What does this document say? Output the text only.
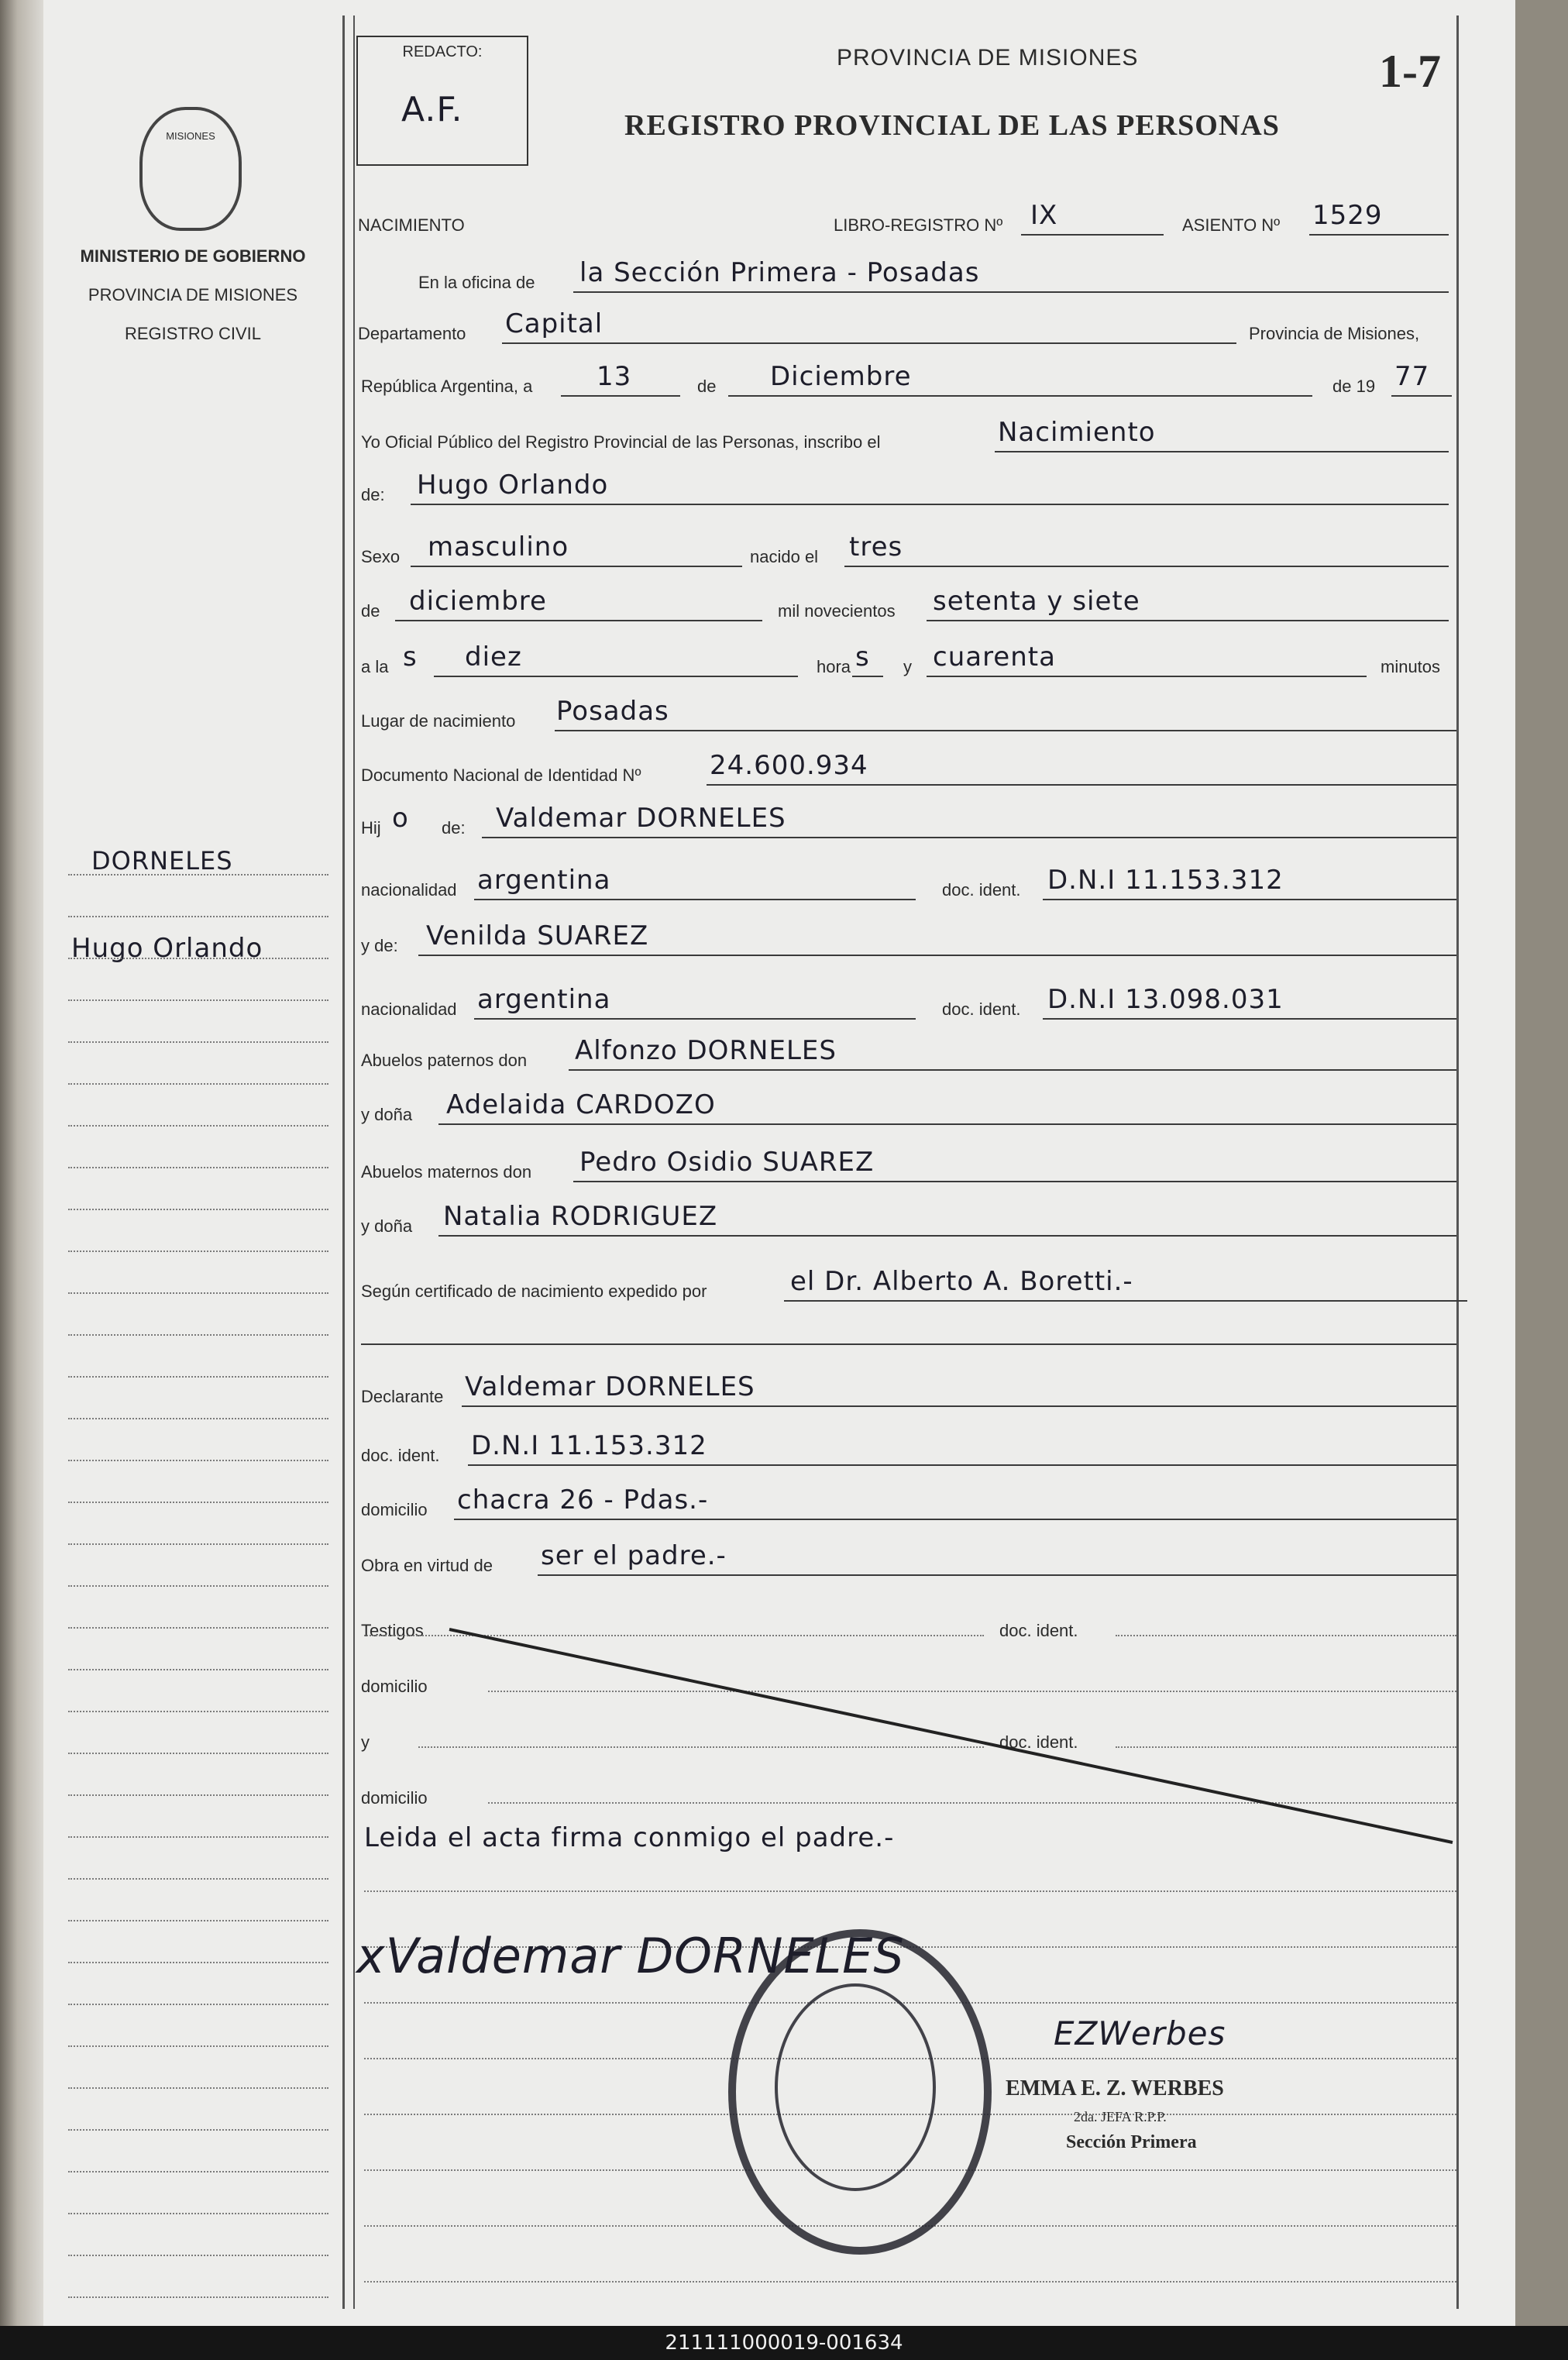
MISIONES
MINISTERIO DE GOBIERNO
PROVINCIA DE MISIONES
REGISTRO CIVIL
DORNELES
Hugo Orlando
REDACTO:
A.F.
PROVINCIA DE MISIONES
REGISTRO PROVINCIAL DE LAS PERSONAS
1-7
NACIMIENTO	LIBRO-REGISTRO Nº IX	ASIENTO Nº 1529
En la oficina de la Sección Primera - Posadas
Departamento Capital	Provincia de Misiones,
República Argentina, a 13	de Diciembre	de 19 77
Yo Oficial Público del Registro Provincial de las Personas, inscribo el	Nacimiento
de: Hugo Orlando
Sexo masculino	nacido el tres
de diciembre	mil novecientos setenta y siete
a la s diez	hora s y cuarenta	minutos
Lugar de nacimiento Posadas
Documento Nacional de Identidad Nº	24.600.934
Hij o de: Valdemar DORNELES
nacionalidad argentina	doc. ident. D.N.I 11.153.312
y de: Venilda SUAREZ
nacionalidad argentina	doc. ident. D.N.I 13.098.031
Abuelos paternos don Alfonzo DORNELES
y doña Adelaida CARDOZO
Abuelos maternos don Pedro Osidio SUAREZ
y doña Natalia RODRIGUEZ
Según certificado de nacimiento expedido por	el Dr. Alberto A. Boretti.-
Declarante Valdemar DORNELES
doc. ident. D.N.I 11.153.312
domicilio chacra 26 - Pdas.-
Obra en virtud de ser el padre.-
Testigos	doc. ident.
domicilio
y	doc. ident.
domicilio
Leida el acta firma conmigo el padre.-
xValdemar DORNELES
EZWerbes
EMMA E. Z. WERBES
2da. JEFA R.P.P.
Sección Primera
211111000019-001634
